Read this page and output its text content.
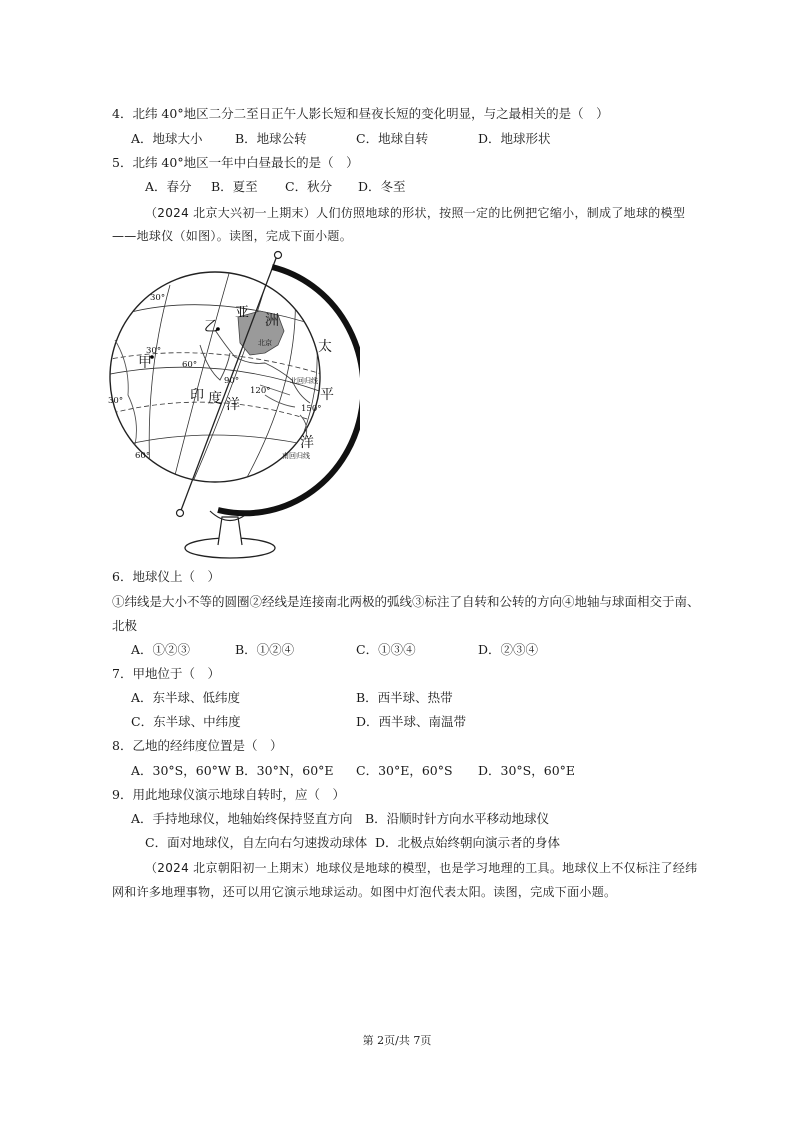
4．北纬 40°地区二分二至日正午人影长短和昼夜长短的变化明显，与之最相关的是（　）
A．地球大小	B．地球公转	C．地球自转	D．地球形状
5．北纬 40°地区一年中白昼最长的是（　）
A．春分 B．夏至 C．秋分 D．冬至
（2024 北京大兴初一上期末）人们仿照地球的形状，按照一定的比例把它缩小，制成了地球的模型
——地球仪（如图）。读图，完成下面小题。
亚 洲
太
平
洋
印 度 洋
甲
乙
北京
北回归线
南回归线
30°
30°
30°
60°
60°
90°
120°
150°
6．地球仪上（　）
①纬线是大小不等的圆圈②经线是连接南北两极的弧线③标注了自转和公转的方向④地轴与球面相交于南、
北极
A．①②③	B．①②④	C．①③④	D．②③④
7．甲地位于（　）
A．东半球、低纬度	B．西半球、热带
C．东半球、中纬度	D．西半球、南温带
8．乙地的经纬度位置是（　）
A．30°S，60°W B．30°N，60°E C．30°E，60°S D．30°S，60°E
9．用此地球仪演示地球自转时，应（　）
A．手持地球仪，地轴始终保持竖直方向 B．沿顺时针方向水平移动地球仪
C．面对地球仪，自左向右匀速拨动球体 D．北极点始终朝向演示者的身体
（2024 北京朝阳初一上期末）地球仪是地球的模型，也是学习地理的工具。地球仪上不仅标注了经纬
网和许多地理事物，还可以用它演示地球运动。如图中灯泡代表太阳。读图，完成下面小题。
第 2页/共 7页
